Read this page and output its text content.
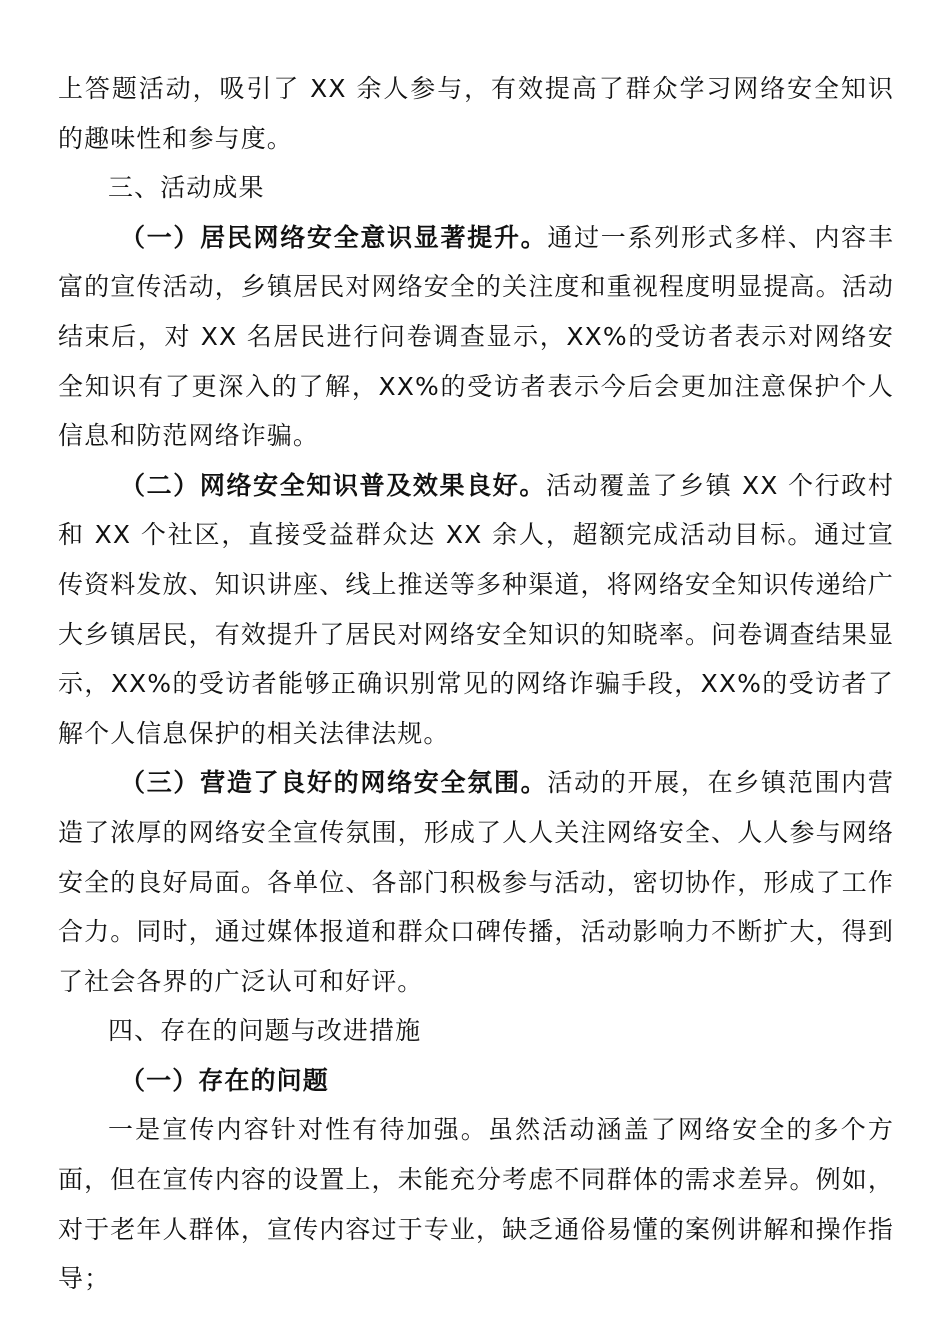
上答题活动，吸引了 XX 余人参与，有效提高了群众学习网络安全知识的趣味性和参与度。

三、活动成果

（一）居民网络安全意识显著提升。通过一系列形式多样、内容丰富的宣传活动，乡镇居民对网络安全的关注度和重视程度明显提高。活动结束后，对 XX 名居民进行问卷调查显示，XX%的受访者表示对网络安全知识有了更深入的了解，XX%的受访者表示今后会更加注意保护个人信息和防范网络诈骗。

（二）网络安全知识普及效果良好。活动覆盖了乡镇 XX 个行政村和 XX 个社区，直接受益群众达 XX 余人，超额完成活动目标。通过宣传资料发放、知识讲座、线上推送等多种渠道，将网络安全知识传递给广大乡镇居民，有效提升了居民对网络安全知识的知晓率。问卷调查结果显示，XX%的受访者能够正确识别常见的网络诈骗手段，XX%的受访者了解个人信息保护的相关法律法规。

（三）营造了良好的网络安全氛围。活动的开展，在乡镇范围内营造了浓厚的网络安全宣传氛围，形成了人人关注网络安全、人人参与网络安全的良好局面。各单位、各部门积极参与活动，密切协作，形成了工作合力。同时，通过媒体报道和群众口碑传播，活动影响力不断扩大，得到了社会各界的广泛认可和好评。

四、存在的问题与改进措施

（一）存在的问题

一是宣传内容针对性有待加强。虽然活动涵盖了网络安全的多个方面，但在宣传内容的设置上，未能充分考虑不同群体的需求差异。例如，对于老年人群体，宣传内容过于专业，缺乏通俗易懂的案例讲解和操作指导；
